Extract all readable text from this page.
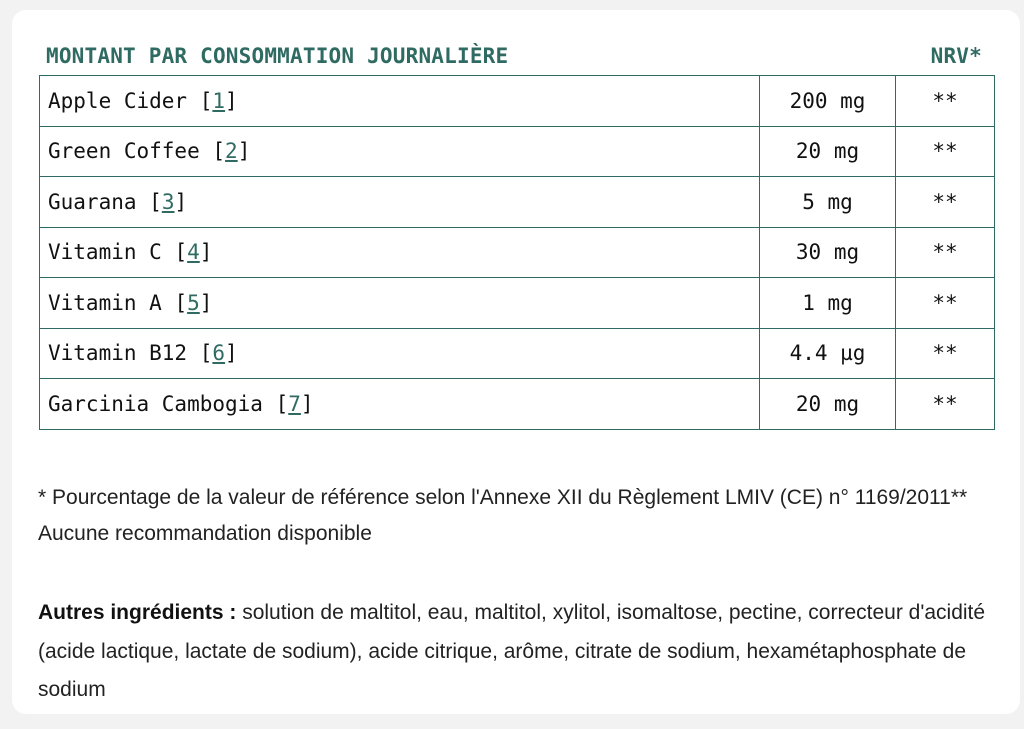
MONTANT PAR CONSOMMATION JOURNALIÈRE	NRV*
Apple Cider [1]	200 mg	**
Green Coffee [2]	20 mg	**
Guarana [3]	5 mg	**
Vitamin C [4]	30 mg	**
Vitamin A [5]	1 mg	**
Vitamin B12 [6]	4.4 µg	**
Garcinia Cambogia [7]	20 mg	**
* Pourcentage de la valeur de référence selon l'Annexe XII du Règlement LMIV (CE) n° 1169/2011** Aucune recommandation disponible
Autres ingrédients : solution de maltitol, eau, maltitol, xylitol, isomaltose, pectine, correcteur d'acidité (acide lactique, lactate de sodium), acide citrique, arôme, citrate de sodium, hexamétaphosphate de sodium
